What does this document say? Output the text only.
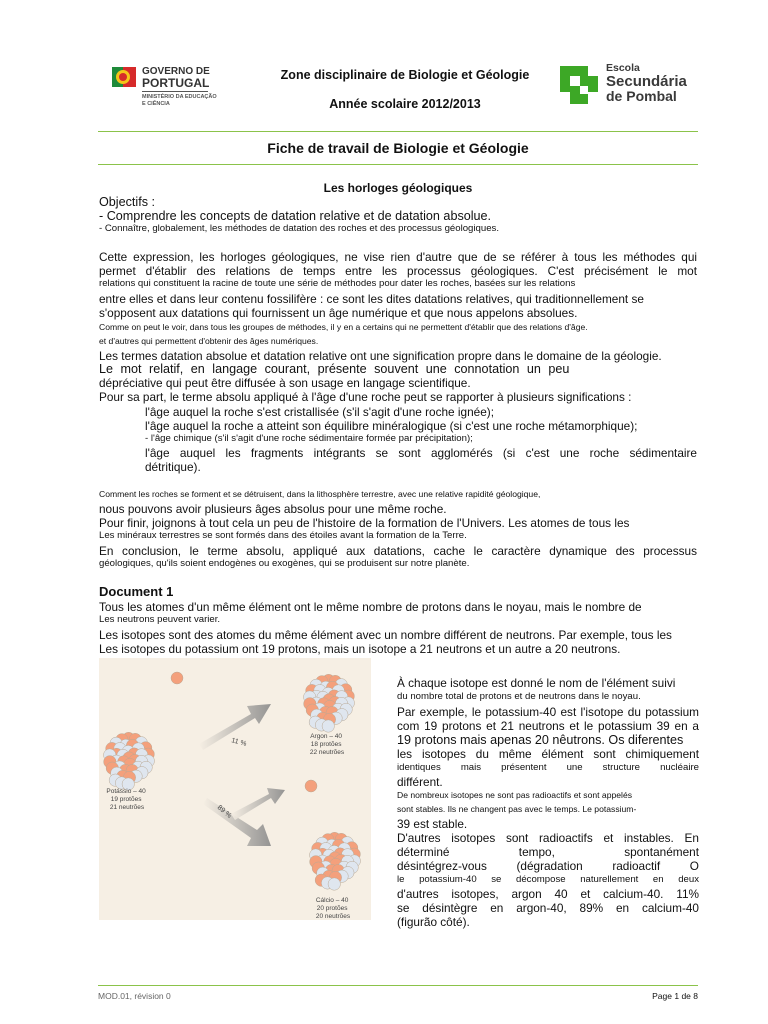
GOVERNO DE
PORTUGAL
MINISTÉRIO DA EDUCAÇÃO
E CIÊNCIA
Zone disciplinaire de Biologie et Géologie
Année scolaire 2012/2013
Escola
Secundária
de Pombal
Fiche de travail de Biologie et Géologie
Les horloges géologiques
Objectifs :
- Comprendre les concepts de datation relative et de datation absolue.
- Connaître, globalement, les méthodes de datation des roches et des processus géologiques.
Cette expression, les horloges géologiques, ne vise rien d'autre que de se référer à tous les méthodes qui
permet d'établir des relations de temps entre les processus géologiques. C'est précisément le mot
relations qui constituent la racine de toute une série de méthodes pour dater les roches, basées sur les relations
entre elles et dans leur contenu fossilifère : ce sont les dites datations relatives, qui traditionnellement se
s'opposent aux datations qui fournissent un âge numérique et que nous appelons absolues.
Comme on peut le voir, dans tous les groupes de méthodes, il y en a certains qui ne permettent d'établir que des relations d'âge.
et d'autres qui permettent d'obtenir des âges numériques.
Les termes datation absolue et datation relative ont une signification propre dans le domaine de la géologie.
Le mot relatif, en langage courant, présente souvent une connotation un peu
dépréciative qui peut être diffusée à son usage en langage scientifique.
Pour sa part, le terme absolu appliqué à l'âge d'une roche peut se rapporter à plusieurs significations :
l'âge auquel la roche s'est cristallisée (s'il s'agit d'une roche ignée);
l'âge auquel la roche a atteint son équilibre minéralogique (si c'est une roche métamorphique);
- l'âge chimique (s'il s'agit d'une roche sédimentaire formée par précipitation);
l'âge auquel les fragments intégrants se sont agglomérés (si c'est une roche sédimentaire
détritique).
Comment les roches se forment et se détruisent, dans la lithosphère terrestre, avec une relative rapidité géologique,
nous pouvons avoir plusieurs âges absolus pour une même roche.
Pour finir, joignons à tout cela un peu de l'histoire de la formation de l'Univers. Les atomes de tous les
Les minéraux terrestres se sont formés dans des étoiles avant la formation de la Terre.
En conclusion, le terme absolu, appliqué aux datations, cache le caractère dynamique des processus
géologiques, qu'ils soient endogènes ou exogènes, qui se produisent sur notre planète.
Document 1
Tous les atomes d'un même élément ont le même nombre de protons dans le noyau, mais le nombre de
Les neutrons peuvent varier.
Les isotopes sont des atomes du même élément avec un nombre différent de neutrons. Par exemple, tous les
Les isotopes du potassium ont 19 protons, mais un isotope a 21 neutrons et un autre a 20 neutrons.
11 %
89 %
Potássio – 40 19 protões 21 neutrões
Argon – 40 18 protões 22 neutrões
Cálcio – 40 20 protões 20 neutrões
À chaque isotope est donné le nom de l'élément suivi
du nombre total de protons et de neutrons dans le noyau.
Par exemple, le potassium-40 est l'isotope du potassium
com 19 protons et 21 neutrons et le potassium 39 en a
19 protons mais apenas 20 nêutrons. Os diferentes
les isotopes du même élément sont chimiquement
identiques mais présentent une structure nucléaire
différent.
De nombreux isotopes ne sont pas radioactifs et sont appelés
sont stables. Ils ne changent pas avec le temps. Le potassium-
39 est stable.
D'autres isotopes sont radioactifs et instables. En
déterminé tempo, spontanément
désintégrez-vous (dégradation radioactif O
le potassium-40 se décompose naturellement en deux
d'autres isotopes, argon 40 et calcium-40. 11%
se désintègre en argon-40, 89% en calcium-40
(figurão côté).
MOD.01, révision 0	Page 1 de 8
